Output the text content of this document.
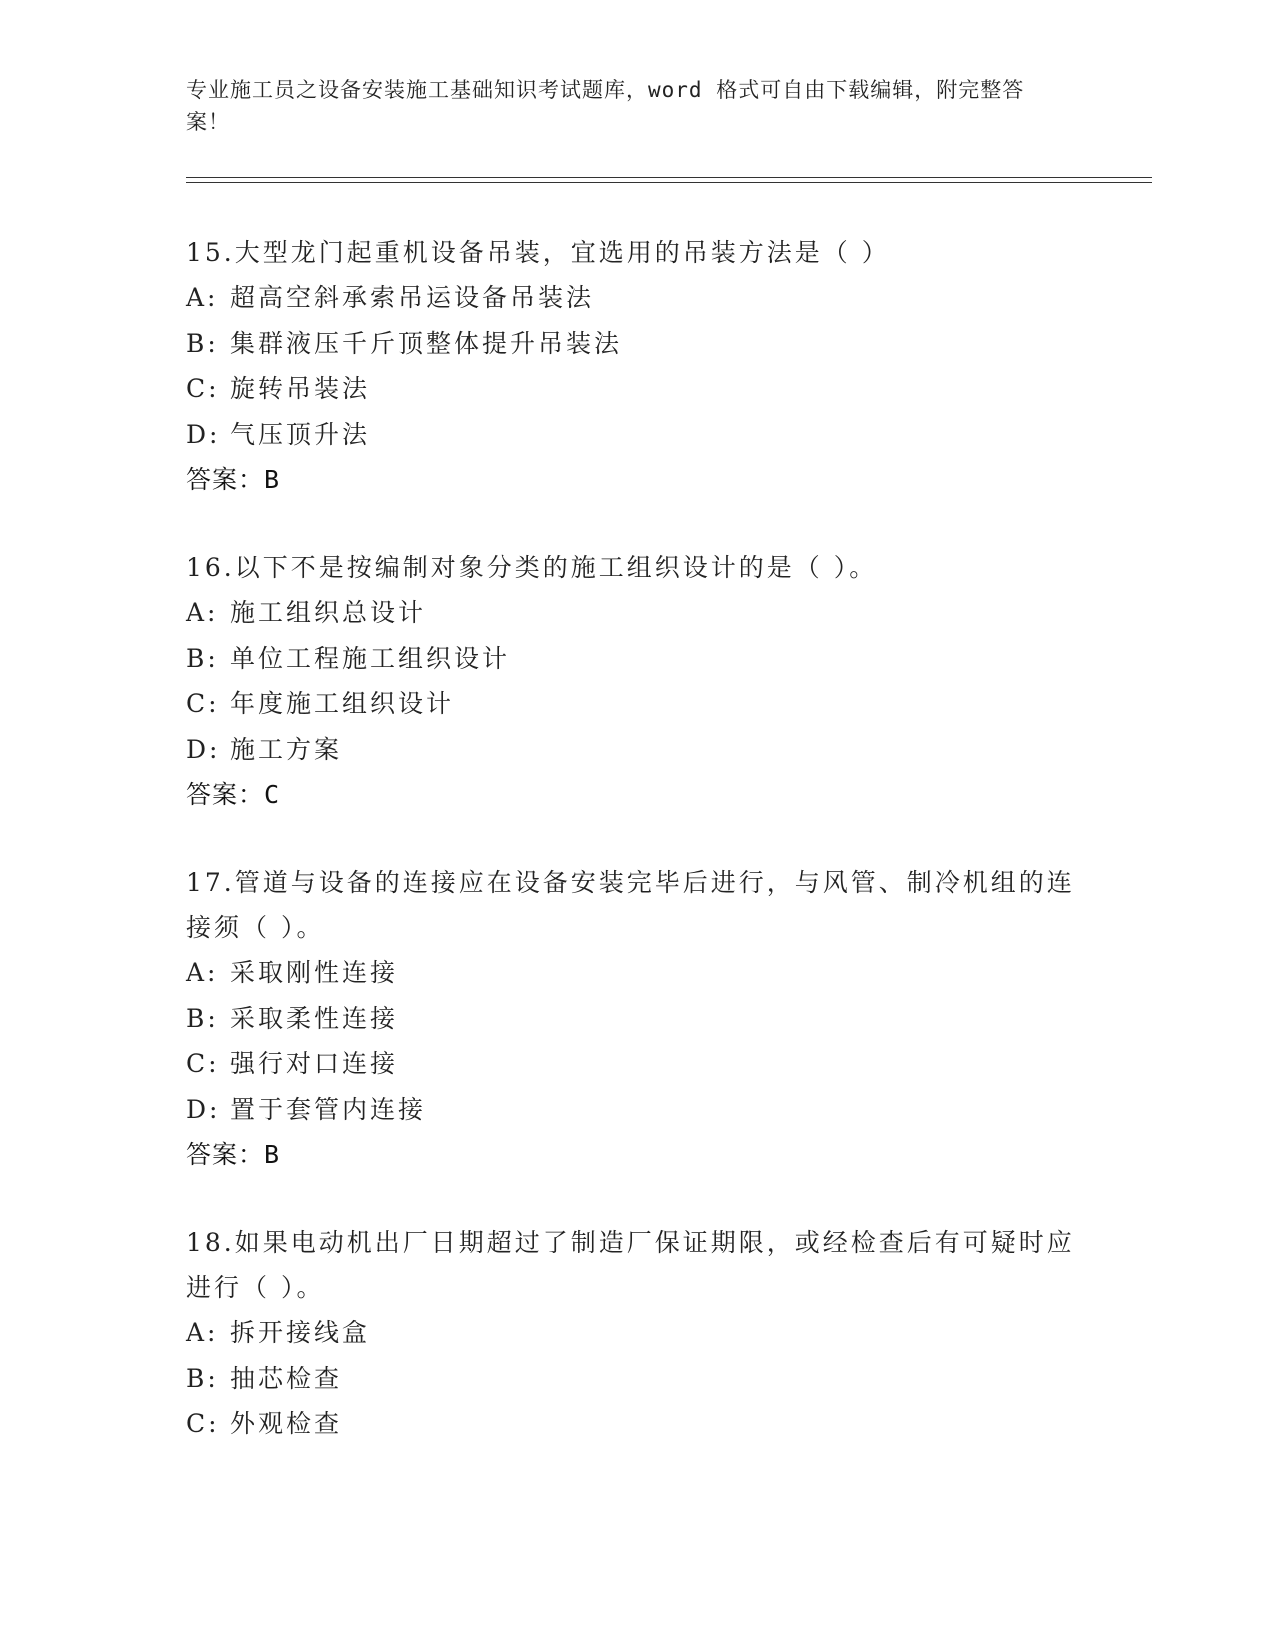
专业施工员之设备安装施工基础知识考试题库，word 格式可自由下载编辑，附完整答案！

15.大型龙门起重机设备吊装，宜选用的吊装方法是（ ）

A: 超高空斜承索吊运设备吊装法

B: 集群液压千斤顶整体提升吊装法

C: 旋转吊装法

D: 气压顶升法

答案：B

16.以下不是按编制对象分类的施工组织设计的是（ ）。

A: 施工组织总设计

B: 单位工程施工组织设计

C: 年度施工组织设计

D: 施工方案

答案：C

17.管道与设备的连接应在设备安装完毕后进行，与风管、制冷机组的连接须（ ）。

A: 采取刚性连接

B: 采取柔性连接

C: 强行对口连接

D: 置于套管内连接

答案：B

18.如果电动机出厂日期超过了制造厂保证期限，或经检查后有可疑时应进行（ ）。

A: 拆开接线盒

B: 抽芯检查

C: 外观检查
